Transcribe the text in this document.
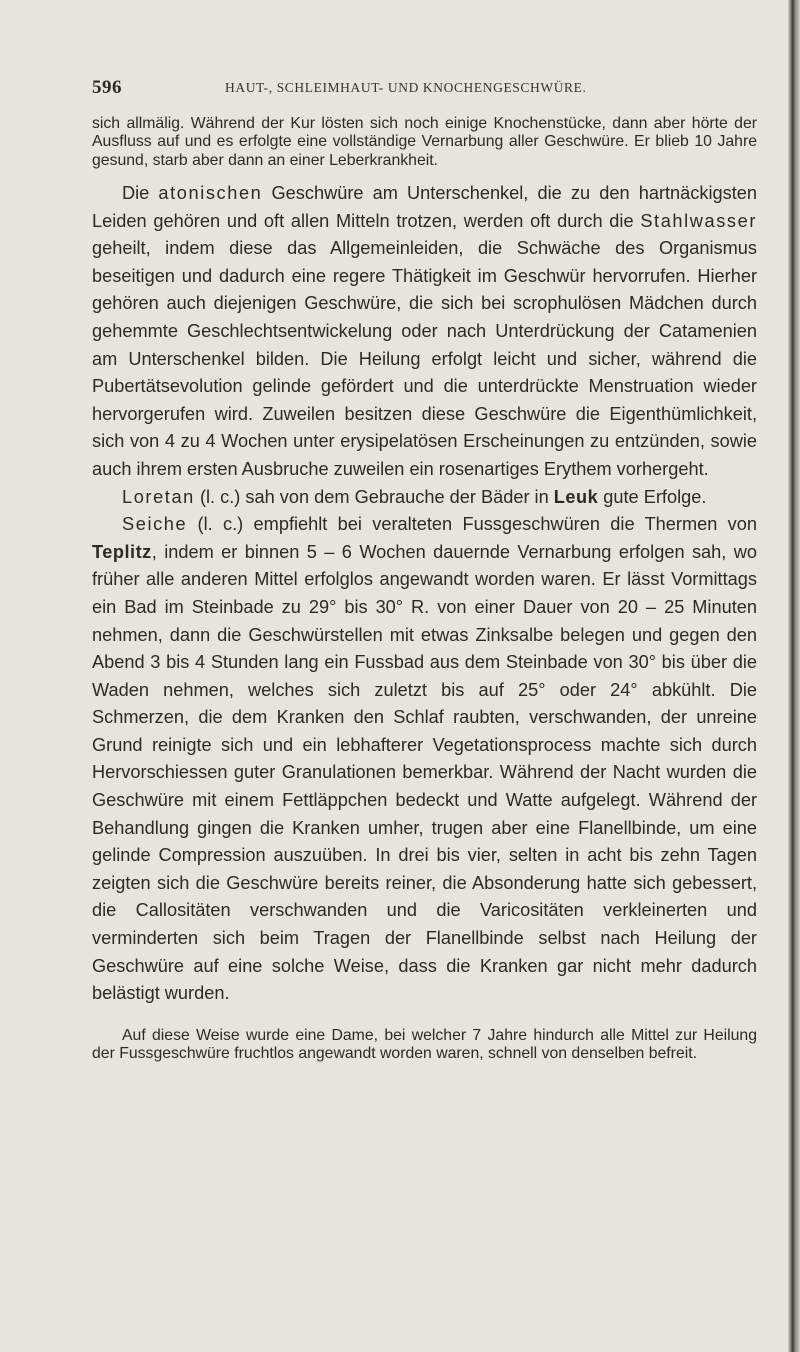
596	HAUT-, SCHLEIMHAUT- UND KNOCHENGESCHWÜRE.

sich allmälig. Während der Kur lösten sich noch einige Knochenstücke, dann aber hörte der Ausfluss auf und es erfolgte eine vollständige Vernarbung aller Geschwüre. Er blieb 10 Jahre gesund, starb aber dann an einer Leberkrankheit.

Die atonischen Geschwüre am Unterschenkel, die zu den hartnäckigsten Leiden gehören und oft allen Mitteln trotzen, werden oft durch die Stahlwasser geheilt, indem diese das Allgemeinleiden, die Schwäche des Organismus beseitigen und dadurch eine regere Thätigkeit im Geschwür hervorrufen. Hierher gehören auch diejenigen Geschwüre, die sich bei scrophulösen Mädchen durch gehemmte Geschlechtsentwickelung oder nach Unterdrückung der Catamenien am Unterschenkel bilden. Die Heilung erfolgt leicht und sicher, während die Pubertätsevolution gelinde gefördert und die unterdrückte Menstruation wieder hervorgerufen wird. Zuweilen besitzen diese Geschwüre die Eigenthümlichkeit, sich von 4 zu 4 Wochen unter erysipelatösen Erscheinungen zu entzünden, sowie auch ihrem ersten Ausbruche zuweilen ein rosenartiges Erythem vorhergeht.

Loretan (l. c.) sah von dem Gebrauche der Bäder in Leuk gute Erfolge.

Seiche (l. c.) empfiehlt bei veralteten Fussgeschwüren die Thermen von Teplitz, indem er binnen 5 – 6 Wochen dauernde Vernarbung erfolgen sah, wo früher alle anderen Mittel erfolglos angewandt worden waren. Er lässt Vormittags ein Bad im Steinbade zu 29° bis 30° R. von einer Dauer von 20 – 25 Minuten nehmen, dann die Geschwürstellen mit etwas Zinksalbe belegen und gegen den Abend 3 bis 4 Stunden lang ein Fussbad aus dem Steinbade von 30° bis über die Waden nehmen, welches sich zuletzt bis auf 25° oder 24° abkühlt. Die Schmerzen, die dem Kranken den Schlaf raubten, verschwanden, der unreine Grund reinigte sich und ein lebhafterer Vegetationsprocess machte sich durch Hervorschiessen guter Granulationen bemerkbar. Während der Nacht wurden die Geschwüre mit einem Fettläppchen bedeckt und Watte aufgelegt. Während der Behandlung gingen die Kranken umher, trugen aber eine Flanellbinde, um eine gelinde Compression auszuüben. In drei bis vier, selten in acht bis zehn Tagen zeigten sich die Geschwüre bereits reiner, die Absonderung hatte sich gebessert, die Callositäten verschwanden und die Varicositäten verkleinerten und verminderten sich beim Tragen der Flanellbinde selbst nach Heilung der Geschwüre auf eine solche Weise, dass die Kranken gar nicht mehr dadurch belästigt wurden.

Auf diese Weise wurde eine Dame, bei welcher 7 Jahre hindurch alle Mittel zur Heilung der Fussgeschwüre fruchtlos angewandt worden waren, schnell von denselben befreit.
